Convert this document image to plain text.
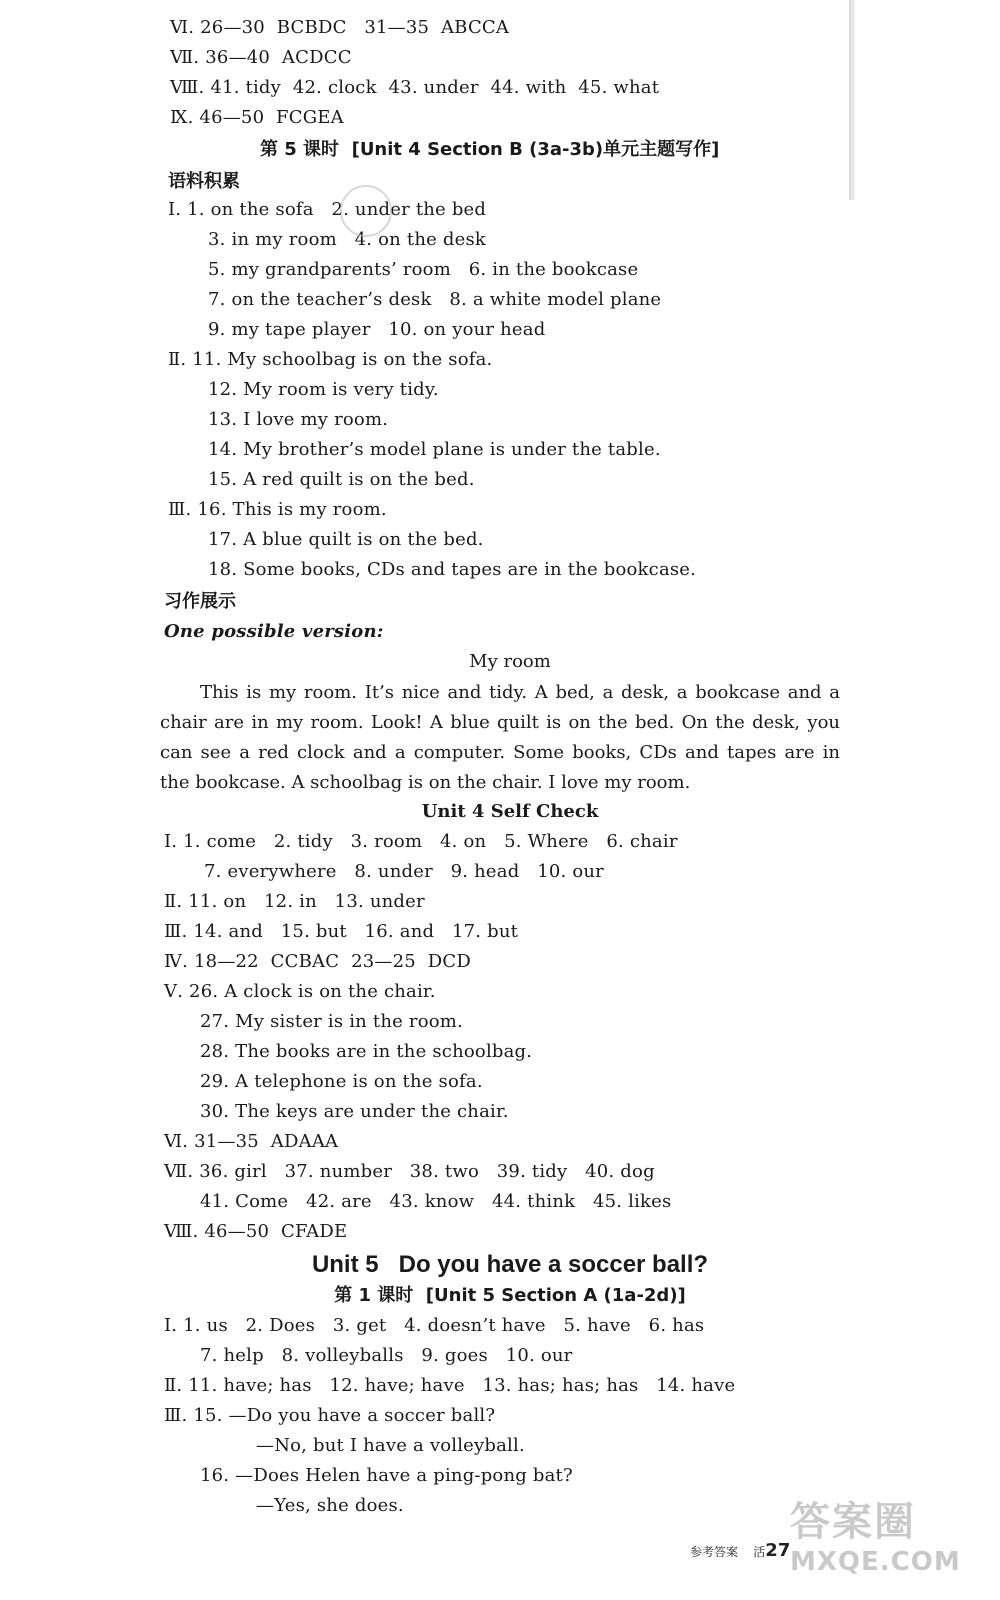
Ⅵ. 26—30  BCBDC   31—35  ABCCA
Ⅶ. 36—40  ACDCC
Ⅷ. 41. tidy  42. clock  43. under  44. with  45. what
Ⅸ. 46—50  FCGEA
第 5 课时  [Unit 4 Section B (3a-3b)单元主题写作]
语料积累
Ⅰ. 1. on the sofa   2. under the bed
3. in my room   4. on the desk
5. my grandparents’ room   6. in the bookcase
7. on the teacher’s desk   8. a white model plane
9. my tape player   10. on your head
Ⅱ. 11. My schoolbag is on the sofa.
12. My room is very tidy.
13. I love my room.
14. My brother’s model plane is under the table.
15. A red quilt is on the bed.
Ⅲ. 16. This is my room.
17. A blue quilt is on the bed.
18. Some books, CDs and tapes are in the bookcase.
习作展示
One possible version:
My room
This is my room. It’s nice and tidy. A bed, a desk, a bookcase and a chair are in my room. Look! A blue quilt is on the bed. On the desk, you can see a red clock and a computer. Some books, CDs and tapes are in the bookcase. A schoolbag is on the chair. I love my room.
Unit 4 Self Check
Ⅰ. 1. come   2. tidy   3. room   4. on   5. Where   6. chair
7. everywhere   8. under   9. head   10. our
Ⅱ. 11. on   12. in   13. under
Ⅲ. 14. and   15. but   16. and   17. but
Ⅳ. 18—22  CCBAC  23—25  DCD
Ⅴ. 26. A clock is on the chair.
27. My sister is in the room.
28. The books are in the schoolbag.
29. A telephone is on the sofa.
30. The keys are under the chair.
Ⅵ. 31—35  ADAAA
Ⅶ. 36. girl   37. number   38. two   39. tidy   40. dog
41. Come   42. are   43. know   44. think   45. likes
Ⅷ. 46—50  CFADE
Unit 5   Do you have a soccer ball?
第 1 课时  [Unit 5 Section A (1a-2d)]
Ⅰ. 1. us   2. Does   3. get   4. doesn’t have   5. have   6. has
7. help   8. volleyballs   9. goes   10. our
Ⅱ. 11. have; has   12. have; have   13. has; has; has   14. have
Ⅲ. 15. —Do you have a soccer ball?
—No, but I have a volleyball.
16. —Does Helen have a ping-pong bat?
—Yes, she does.
参考答案 活27
答案圈
MXQE.COM
